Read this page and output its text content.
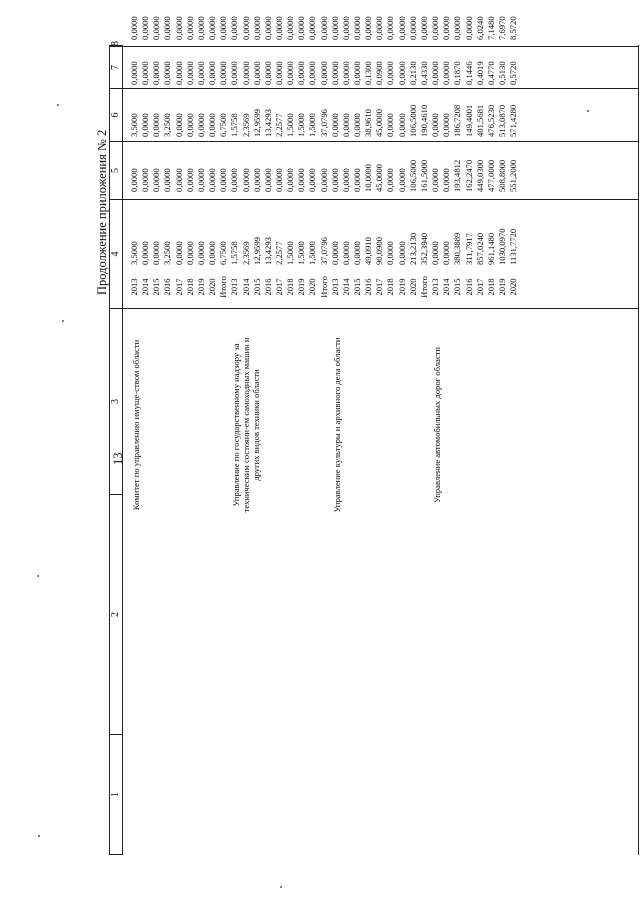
Продолжение приложения № 2
1
2
3
4
5
6
7
8
13 Комитет по управлению имуще-ством области
2013
3,5000
0,0000
3,5000
0,0000
0,0000
2014
0,0000
0,0000
0,0000
0,0000
0,0000
2015
0,0000
0,0000
0,0000
0,0000
0,0000
2016
3,2500
0,0000
3,2500
0,0000
0,0000
2017
0,0000
0,0000
0,0000
0,0000
0,0000
2018
0,0000
0,0000
0,0000
0,0000
0,0000
2019
0,0000
0,0000
0,0000
0,0000
0,0000
2020
0,0000
0,0000
0,0000
0,0000
0,0000
Итого
6,7500
0,0000
6,7500
0,0000
0,0000
Управление по государственному надзору за техническим состояни-ем самоходных машин и других видов техники области
2013
1,5758
0,0000
1,5758
0,0000
0,0000
2014
2,3569
0,0000
2,3569
0,0000
0,0000
2015
12,9599
0,0000
12,9599
0,0000
0,0000
2016
13,4293
0,0000
13,4293
0,0000
0,0000
2017
2,2577
0,0000
2,2577
0,0000
0,0000
2018
1,5000
0,0000
1,5000
0,0000
0,0000
2019
1,5000
0,0000
1,5000
0,0000
0,0000
2020
1,5000
0,0000
1,5000
0,0000
0,0000
Итого
37,0796
0,0000
37,0796
0,0000
0,0000
Управление культуры и архивного дела области
2013
0,0000
0,0000
0,0000
0,0000
0,0000
2014
0,0000
0,0000
0,0000
0,0000
0,0000
2015
0,0000
0,0000
0,0000
0,0000
0,0000
2016
49,0910
10,0000
38,9610
0,1300
0,0000
2017
90,0900
45,0000
45,0000
0,0900
0,0000
2018
0,0000
0,0000
0,0000
0,0000
0,0000
2019
0,0000
0,0000
0,0000
0,0000
0,0000
2020
213,2130
106,5000
106,5000
0,2130
0,0000
Итого
352,3940
161,5000
190,4610
0,4330
0,0000
Управление автомобильных дорог области
2013
0,0000
0,0000
0,0000
0,0000
0,0000
2014
0,0000
0,0000
0,0000
0,0000
0,0000
2015
380,3889
193,4812
186,7208
0,1870
0,0000
2016
311,7917
162,2470
149,4001
0,1446
0,0000
2017
857,0240
449,0300
401,5681
0,4019
6,0240
2018
961,1480
477,0000
476,5230
0,4770
7,1480
2019
1030,0970
508,8000
513,0870
0,5130
7,6970
2020
1131,7720
551,2000
571,4280
0,5720
8,5720
